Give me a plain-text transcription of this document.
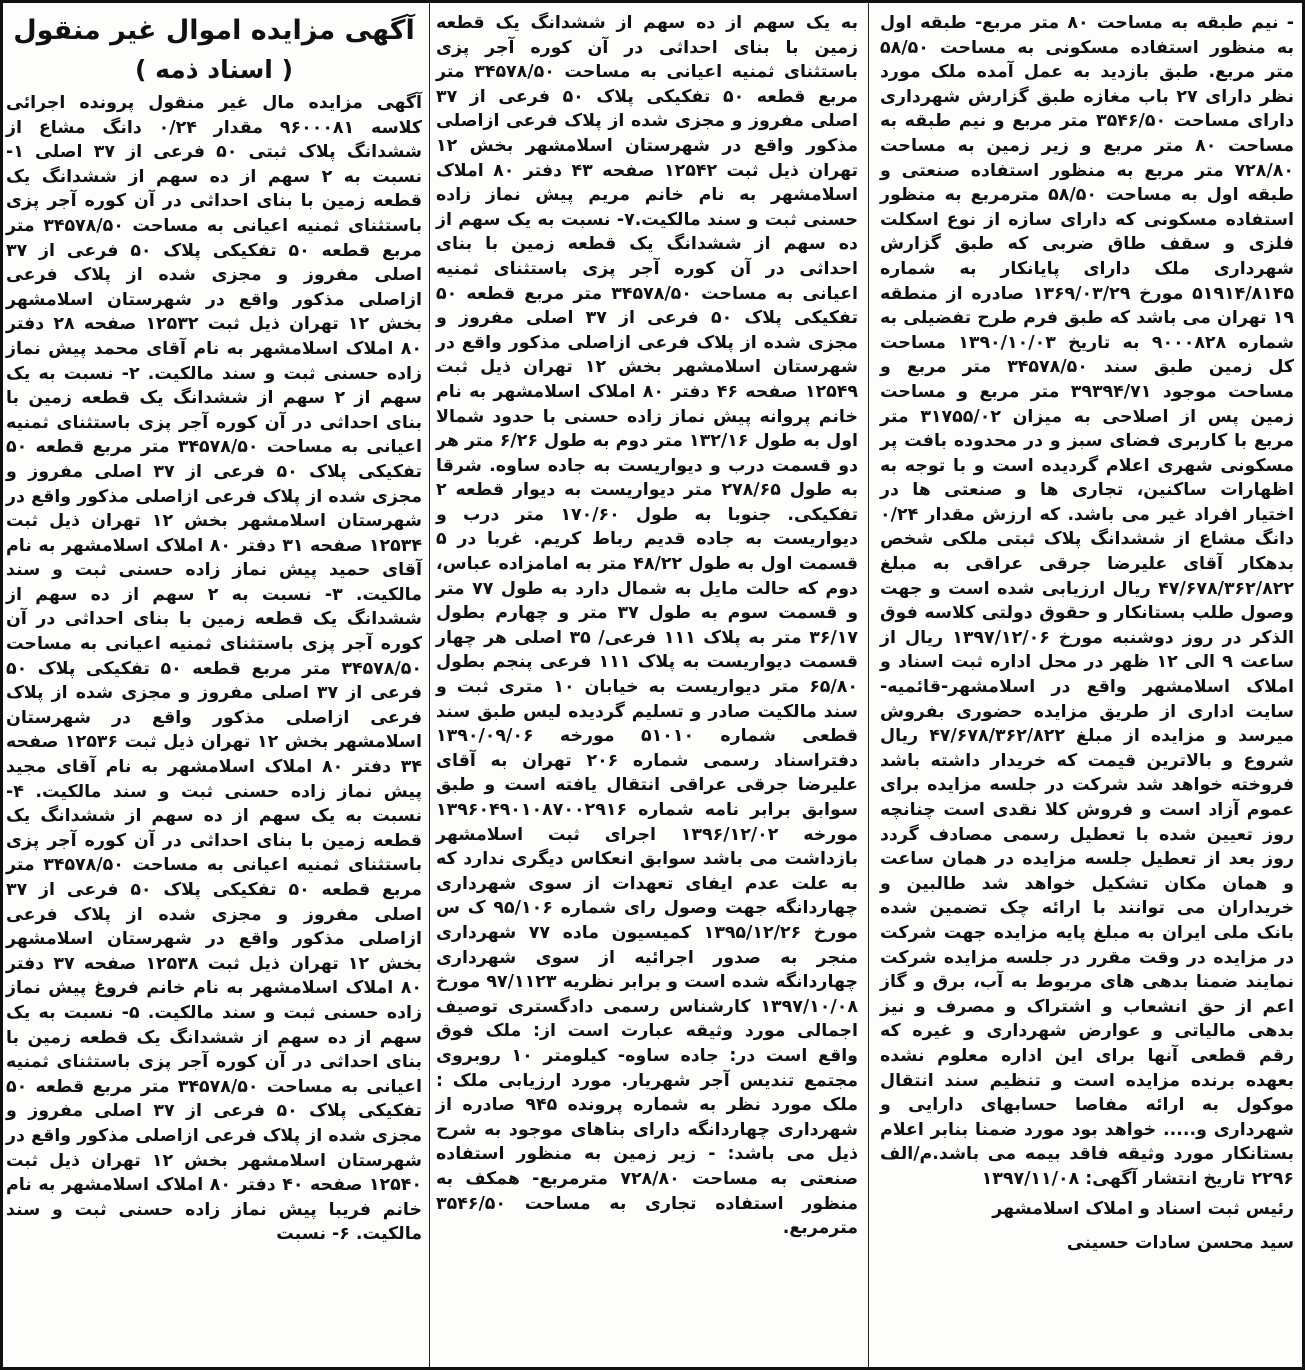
آگهی مزایده اموال غیر منقول
( اسناد ذمه )

آگهی مزایده مال غیر منقول پرونده اجرائی کلاسه ۹۶۰۰۰۸۱ مقدار ۰/۲۴ دانگ مشاع از ششدانگ پلاک ثبتی ۵۰ فرعی از ۳۷ اصلی ۱-نسبت به ۲ سهم از ده سهم از ششدانگ یک قطعه زمین با بنای احداثی در آن کوره آجر پزی باستثنای ثمنیه اعیانی به مساحت ۳۴۵۷۸/۵۰ متر مربع قطعه ۵۰ تفکیکی پلاک ۵۰ فرعی از ۳۷ اصلی مفروز و مجزی شده از پلاک فرعی ازاصلی مذکور واقع در شهرستان اسلامشهر بخش ۱۲ تهران ذیل ثبت ۱۲۵۳۲ صفحه ۲۸ دفتر ۸۰ املاک اسلامشهر به نام آقای محمد پیش نماز زاده حسنی ثبت و سند مالکیت. ۲- نسبت به یک سهم از ۲ سهم از ششدانگ یک قطعه زمین با بنای احداثی در آن کوره آجر پزی باستثنای ثمنیه اعیانی به مساحت ۳۴۵۷۸/۵۰ متر مربع قطعه ۵۰ تفکیکی پلاک ۵۰ فرعی از ۳۷ اصلی مفروز و مجزی شده از پلاک فرعی ازاصلی مذکور واقع در شهرستان اسلامشهر بخش ۱۲ تهران ذیل ثبت ۱۲۵۳۴ صفحه ۳۱ دفتر ۸۰ املاک اسلامشهر به نام آقای حمید پیش نماز زاده حسنی ثبت و سند مالکیت. ۳- نسبت به ۲ سهم از ده سهم از ششدانگ یک قطعه زمین با بنای احداثی در آن کوره آجر پزی باستثنای ثمنیه اعیانی به مساحت ۳۴۵۷۸/۵۰ متر مربع قطعه ۵۰ تفکیکی پلاک ۵۰ فرعی از ۳۷ اصلی مفروز و مجزی شده از پلاک فرعی ازاصلی مذکور واقع در شهرستان اسلامشهر بخش ۱۲ تهران ذیل ثبت ۱۲۵۳۶ صفحه ۳۴ دفتر ۸۰ املاک اسلامشهر به نام آقای مجید پیش نماز زاده حسنی ثبت و سند مالکیت. ۴- نسبت به یک سهم از ده سهم از ششدانگ یک قطعه زمین با بنای احداثی در آن کوره آجر پزی باستثنای ثمنیه اعیانی به مساحت ۳۴۵۷۸/۵۰ متر مربع قطعه ۵۰ تفکیکی پلاک ۵۰ فرعی از ۳۷ اصلی مفروز و مجزی شده از پلاک فرعی ازاصلی مذکور واقع در شهرستان اسلامشهر بخش ۱۲ تهران ذیل ثبت ۱۲۵۳۸ صفحه ۳۷ دفتر ۸۰ املاک اسلامشهر به نام خانم فروغ پیش نماز زاده حسنی ثبت و سند مالکیت. ۵- نسبت به یک سهم از ده سهم از ششدانگ یک قطعه زمین با بنای احداثی در آن کوره آجر پزی باستثنای ثمنیه اعیانی به مساحت ۳۴۵۷۸/۵۰ متر مربع قطعه ۵۰ تفکیکی پلاک ۵۰ فرعی از ۳۷ اصلی مفروز و مجزی شده از پلاک فرعی ازاصلی مذکور واقع در شهرستان اسلامشهر بخش ۱۲ تهران ذیل ثبت ۱۲۵۴۰ صفحه ۴۰ دفتر ۸۰ املاک اسلامشهر به نام خانم فریبا پیش نماز زاده حسنی ثبت و سند مالکیت. ۶- نسبت

به یک سهم از ده سهم از ششدانگ یک قطعه زمین با بنای احداثی در آن کوره آجر پزی باستثنای ثمنیه اعیانی به مساحت ۳۴۵۷۸/۵۰ متر مربع قطعه ۵۰ تفکیکی پلاک ۵۰ فرعی از ۳۷ اصلی مفروز و مجزی شده از پلاک فرعی ازاصلی مذکور واقع در شهرستان اسلامشهر بخش ۱۲ تهران ذیل ثبت ۱۲۵۴۲ صفحه ۴۳ دفتر ۸۰ املاک اسلامشهر به نام خانم مریم پیش نماز زاده حسنی ثبت و سند مالکیت.۷- نسبت به یک سهم از ده سهم از ششدانگ یک قطعه زمین با بنای احداثی در آن کوره آجر پزی باستثنای ثمنیه اعیانی به مساحت ۳۴۵۷۸/۵۰ متر مربع قطعه ۵۰ تفکیکی پلاک ۵۰ فرعی از ۳۷ اصلی مفروز و مجزی شده از پلاک فرعی ازاصلی مذکور واقع در شهرستان اسلامشهر بخش ۱۲ تهران ذیل ثبت ۱۲۵۴۹ صفحه ۴۶ دفتر ۸۰ املاک اسلامشهر به نام خانم پروانه پیش نماز زاده حسنی با حدود شمالا اول به طول ۱۳۲/۱۶ متر دوم به طول ۶/۲۶ متر هر دو قسمت درب و دیواریست به جاده ساوه. شرقا به طول ۲۷۸/۶۵ متر دیواریست به دیوار قطعه ۲ تفکیکی. جنوبا به طول ۱۷۰/۶۰ متر درب و دیواریست به جاده قدیم رباط کریم. غربا در ۵ قسمت اول به طول ۴۸/۲۲ متر به امامزاده عباس، دوم که حالت مایل به شمال دارد به طول ۷۷ متر و قسمت سوم به طول ۳۷ متر و چهارم بطول ۳۶/۱۷ متر به پلاک ۱۱۱ فرعی/ ۳۵ اصلی هر چهار قسمت دیواریست به پلاک ۱۱۱ فرعی پنجم بطول ۶۵/۸۰ متر دیواریست به خیابان ۱۰ متری ثبت و سند مالکیت صادر و تسلیم گردیده لیس طبق سند قطعی شماره ۵۱۰۱۰ مورخه ۱۳۹۰/۰۹/۰۶ دفتراسناد رسمی شماره ۲۰۶ تهران به آقای علیرضا جرقی عراقی انتقال یافته است و طبق سوابق برابر نامه شماره ۱۳۹۶۰۴۹۰۱۰۸۷۰۰۲۹۱۶ مورخه ۱۳۹۶/۱۲/۰۲ اجرای ثبت اسلامشهر بازداشت می باشد سوابق انعکاس دیگری ندارد که به علت عدم ایفای تعهدات از سوی شهرداری چهاردانگه جهت وصول رای شماره ۹۵/۱۰۶ ک س مورخ ۱۳۹۵/۱۲/۲۶ کمیسیون ماده ۷۷ شهرداری منجر به صدور اجرائیه از سوی شهرداری چهاردانگه شده است و برابر نظریه ۹۷/۱۱۲۳ مورخ ۱۳۹۷/۱۰/۰۸ کارشناس رسمی دادگستری توصیف اجمالی مورد وثیقه عبارت است از: ملک فوق واقع است در: جاده ساوه- کیلومتر ۱۰ روبروی مجتمع تندیس آجر شهریار. مورد ارزیابی ملک : ملک مورد نظر به شماره پرونده ۹۴۵ صادره از شهرداری چهاردانگه دارای بناهای موجود به شرح ذیل می باشد: - زیر زمین به منظور استفاده صنعتی به مساحت ۷۲۸/۸۰ مترمربع- همکف به منظور استفاده تجاری به مساحت ۳۵۴۶/۵۰ مترمربع.

- نیم طبقه به مساحت ۸۰ متر مربع- طبقه اول به منظور استفاده مسکونی به مساحت ۵۸/۵۰ متر مربع. طبق بازدید به عمل آمده ملک مورد نظر دارای ۲۷ باب مغازه طبق گزارش شهرداری دارای مساحت ۳۵۴۶/۵۰ متر مربع و نیم طبقه به مساحت ۸۰ متر مربع و زیر زمین به مساحت ۷۲۸/۸۰ متر مربع به منظور استفاده صنعتی و طبقه اول به مساحت ۵۸/۵۰ مترمربع به منظور استفاده مسکونی که دارای سازه از نوع اسکلت فلزی و سقف طاق ضربی که طبق گزارش شهرداری ملک دارای پایانکار به شماره ۵۱۹۱۴/۸۱۴۵ مورخ ۱۳۶۹/۰۳/۲۹ صادره از منطقه ۱۹ تهران می باشد که طبق فرم طرح تفضیلی به شماره ۹۰۰۰۸۲۸ به تاریخ ۱۳۹۰/۱۰/۰۳ مساحت کل زمین طبق سند ۳۴۵۷۸/۵۰ متر مربع و مساحت موجود ۳۹۳۹۴/۷۱ متر مربع و مساحت زمین پس از اصلاحی به میزان ۳۱۷۵۵/۰۲ متر مربع با کاربری فضای سبز و در محدوده بافت پر مسکونی شهری اعلام گردیده است و با توجه به اظهارات ساکنین، تجاری ها و صنعتی ها در اختیار افراد غیر می باشد. که ارزش مقدار ۰/۲۴ دانگ مشاع از ششدانگ پلاک ثبتی ملکی شخص بدهکار آقای علیرضا جرقی عراقی به مبلغ ۴۷/۶۷۸/۳۶۲/۸۲۲ ریال ارزیابی شده است و جهت وصول طلب بستانکار و حقوق دولتی کلاسه فوق الذکر در روز دوشنبه مورخ ۱۳۹۷/۱۲/۰۶ ریال از ساعت ۹ الی ۱۲ ظهر در محل اداره ثبت اسناد و املاک اسلامشهر واقع در اسلامشهر-قائمیه- سایت اداری از طریق مزایده حضوری بفروش میرسد و مزایده از مبلغ ۴۷/۶۷۸/۳۶۲/۸۲۲ ریال شروع و بالاترین قیمت که خریدار داشته باشد فروخته خواهد شد شرکت در جلسه مزایده برای عموم آزاد است و فروش کلا نقدی است چنانچه روز تعیین شده با تعطیل رسمی مصادف گردد روز بعد از تعطیل جلسه مزایده در همان ساعت و همان مکان تشکیل خواهد شد طالبین و خریداران می توانند با ارائه چک تضمین شده بانک ملی ایران به مبلغ پایه مزایده جهت شرکت در مزایده در وقت مقرر در جلسه مزایده شرکت نمایند ضمنا بدهی های مربوط به آب، برق و گاز اعم از حق انشعاب و اشتراک و مصرف و نیز بدهی مالیاتی و عوارض شهرداری و غیره که رقم قطعی آنها برای این اداره معلوم نشده بعهده برنده مزایده است و تنظیم سند انتقال موکول به ارائه مفاصا حسابهای دارایی و شهرداری و..... خواهد بود مورد ضمنا بنابر اعلام بستانکار مورد وثیقه فاقد بیمه می باشد.م/الف ۲۲۹۶ تاریخ انتشار آگهی: ۱۳۹۷/۱۱/۰۸

رئیس ثبت اسناد و املاک اسلامشهر

سید محسن سادات حسینی
